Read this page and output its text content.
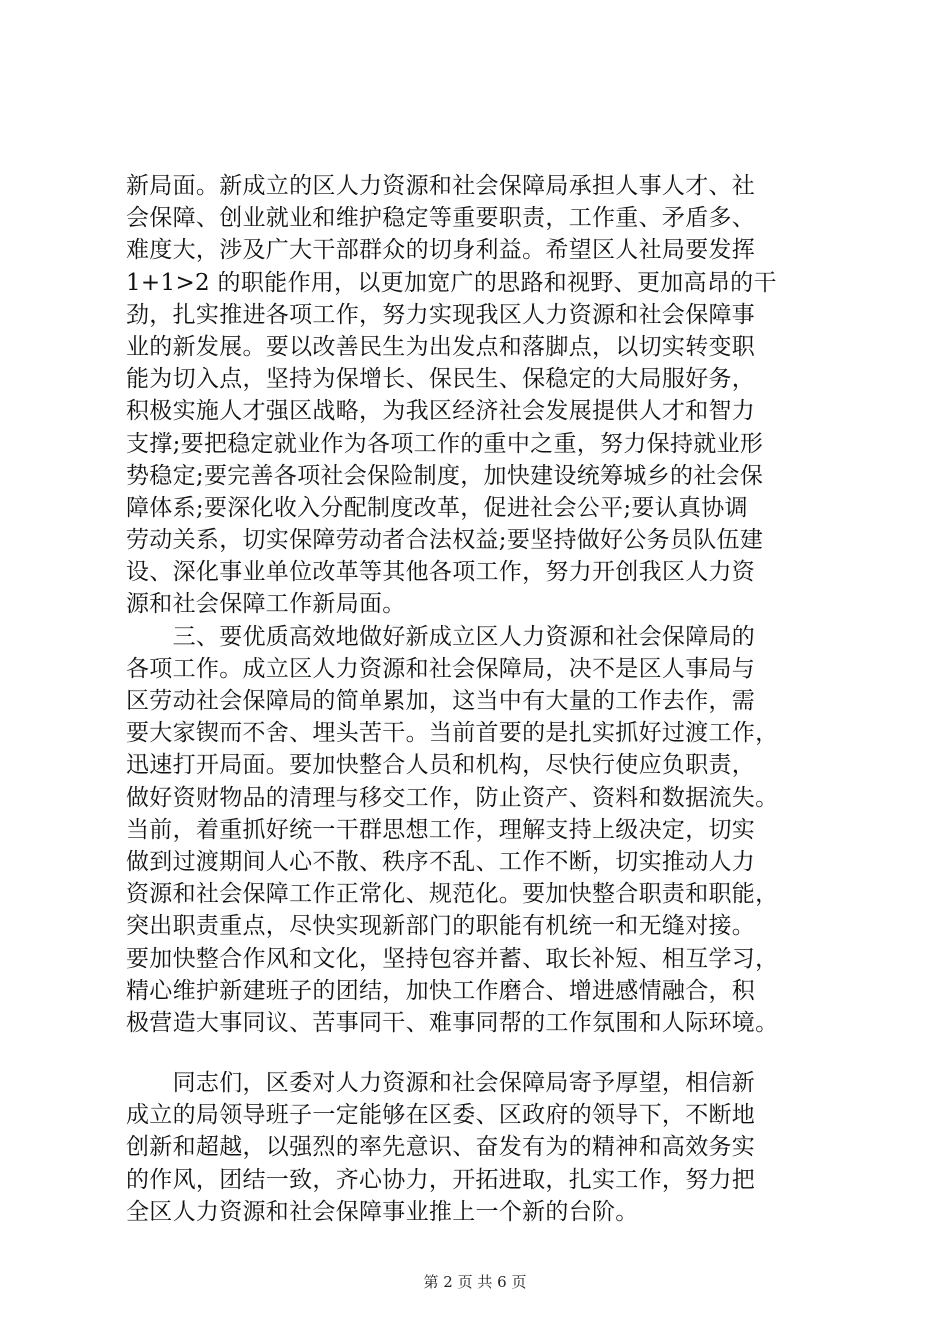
新局面。新成立的区人力资源和社会保障局承担人事人才、社
会保障、创业就业和维护稳定等重要职责，工作重、矛盾多、
难度大，涉及广大干部群众的切身利益。希望区人社局要发挥
1+1>2 的职能作用，以更加宽广的思路和视野、更加高昂的干
劲，扎实推进各项工作，努力实现我区人力资源和社会保障事
业的新发展。要以改善民生为出发点和落脚点，以切实转变职
能为切入点，坚持为保增长、保民生、保稳定的大局服好务，
积极实施人才强区战略，为我区经济社会发展提供人才和智力
支撑;要把稳定就业作为各项工作的重中之重，努力保持就业形
势稳定;要完善各项社会保险制度，加快建设统筹城乡的社会保
障体系;要深化收入分配制度改革，促进社会公平;要认真协调
劳动关系，切实保障劳动者合法权益;要坚持做好公务员队伍建
设、深化事业单位改革等其他各项工作，努力开创我区人力资
源和社会保障工作新局面。
　　三、要优质高效地做好新成立区人力资源和社会保障局的
各项工作。成立区人力资源和社会保障局，决不是区人事局与
区劳动社会保障局的简单累加，这当中有大量的工作去作，需
要大家锲而不舍、埋头苦干。当前首要的是扎实抓好过渡工作，
迅速打开局面。要加快整合人员和机构，尽快行使应负职责，
做好资财物品的清理与移交工作，防止资产、资料和数据流失。
当前，着重抓好统一干群思想工作，理解支持上级决定，切实
做到过渡期间人心不散、秩序不乱、工作不断，切实推动人力
资源和社会保障工作正常化、规范化。要加快整合职责和职能，
突出职责重点，尽快实现新部门的职能有机统一和无缝对接。
要加快整合作风和文化，坚持包容并蓄、取长补短、相互学习，
精心维护新建班子的团结，加快工作磨合、增进感情融合，积
极营造大事同议、苦事同干、难事同帮的工作氛围和人际环境。
　　同志们，区委对人力资源和社会保障局寄予厚望，相信新
成立的局领导班子一定能够在区委、区政府的领导下，不断地
创新和超越，以强烈的率先意识、奋发有为的精神和高效务实
的作风，团结一致，齐心协力，开拓进取，扎实工作，努力把
全区人力资源和社会保障事业推上一个新的台阶。
第 2 页 共 6 页
